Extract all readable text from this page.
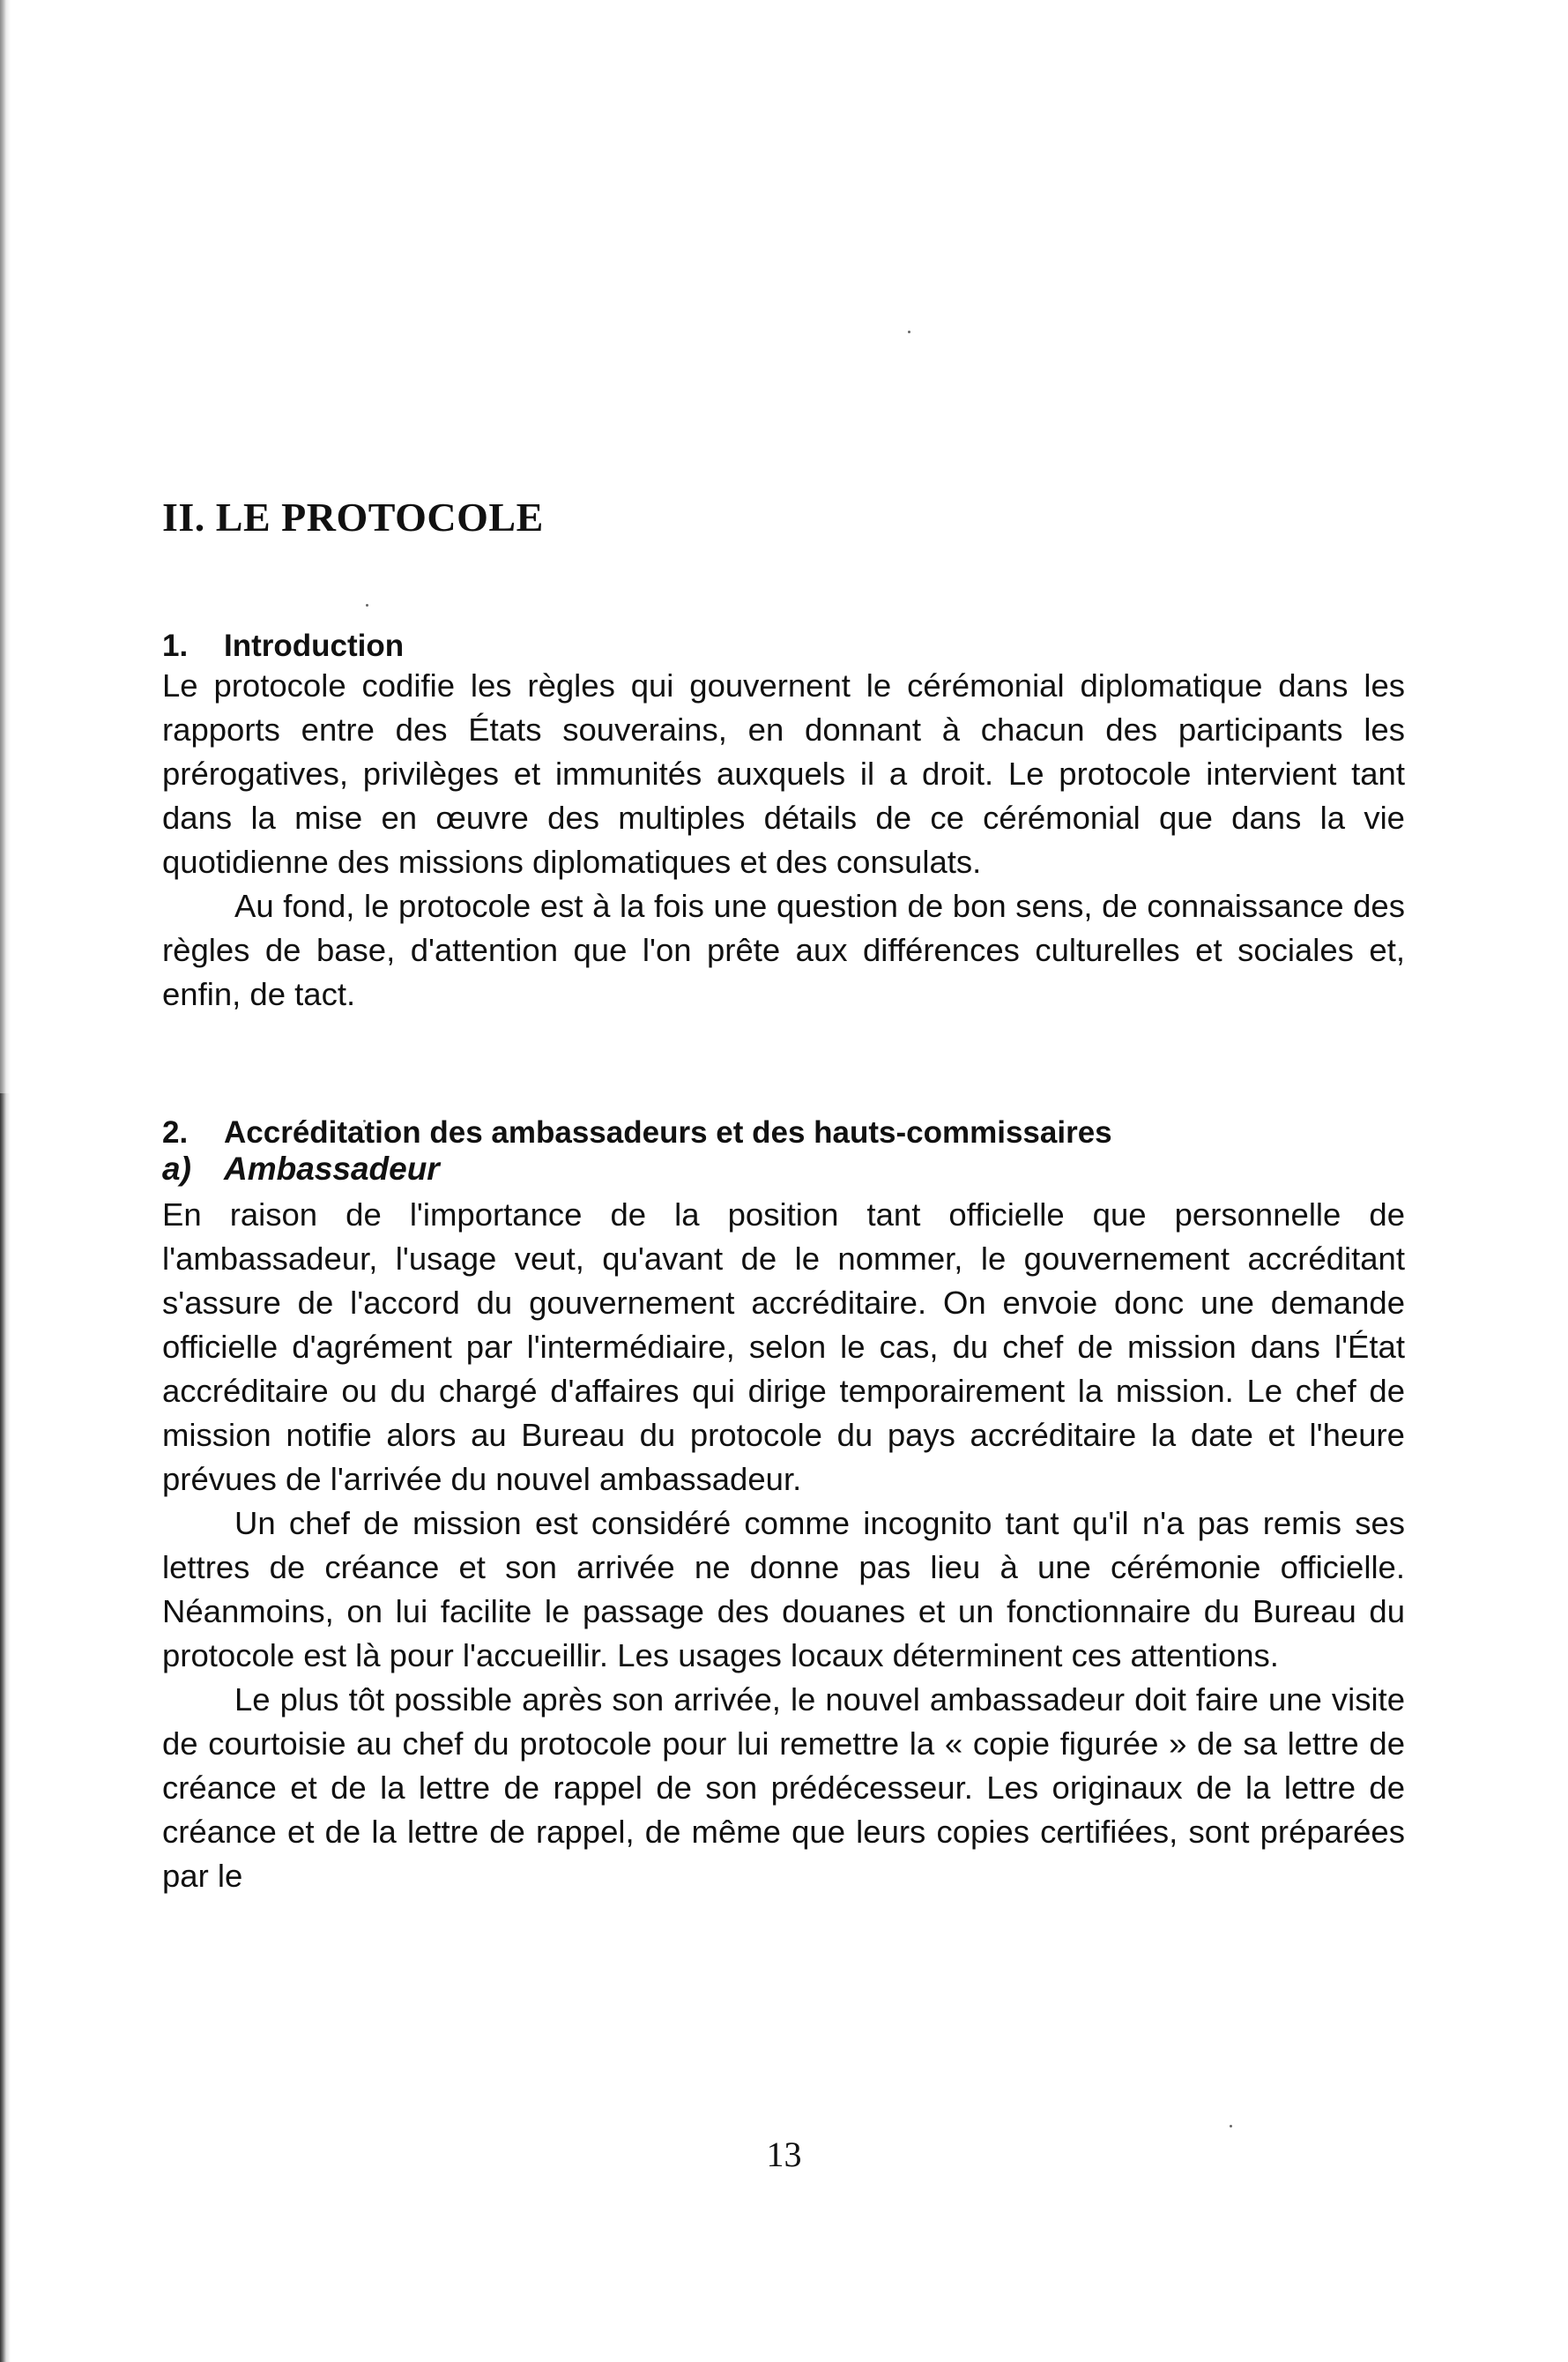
II. LE PROTOCOLE
1. Introduction

Le protocole codifie les règles qui gouvernent le cérémonial diplomatique dans les rapports entre des États souverains, en donnant à chacun des participants les prérogatives, privilèges et immunités auxquels il a droit. Le protocole intervient tant dans la mise en œuvre des multiples détails de ce cérémonial que dans la vie quotidienne des missions diplomatiques et des consulats.

Au fond, le protocole est à la fois une question de bon sens, de connaissance des règles de base, d'attention que l'on prête aux différences culturelles et sociales et, enfin, de tact.

2. Accréditation des ambassadeurs et des hauts-commissaires
a) Ambassadeur

En raison de l'importance de la position tant officielle que personnelle de l'ambassadeur, l'usage veut, qu'avant de le nommer, le gouvernement accréditant s'assure de l'accord du gouvernement accréditaire. On envoie donc une demande officielle d'agrément par l'intermédiaire, selon le cas, du chef de mission dans l'État accréditaire ou du chargé d'affaires qui dirige temporairement la mission. Le chef de mission notifie alors au Bureau du protocole du pays accréditaire la date et l'heure prévues de l'arrivée du nouvel ambassadeur.

Un chef de mission est considéré comme incognito tant qu'il n'a pas remis ses lettres de créance et son arrivée ne donne pas lieu à une cérémonie officielle. Néanmoins, on lui facilite le passage des douanes et un fonctionnaire du Bureau du protocole est là pour l'accueillir. Les usages locaux déterminent ces attentions.

Le plus tôt possible après son arrivée, le nouvel ambassadeur doit faire une visite de courtoisie au chef du protocole pour lui remettre la « copie figurée » de sa lettre de créance et de la lettre de rappel de son prédécesseur. Les originaux de la lettre de créance et de la lettre de rappel, de même que leurs copies certifiées, sont préparées par le

13
